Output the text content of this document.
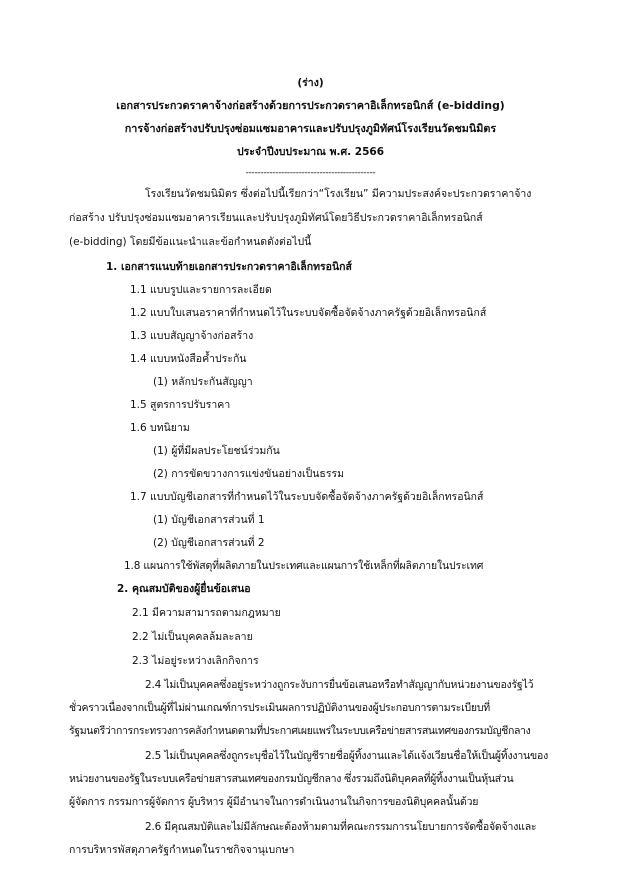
(ร่าง)
เอกสารประกวดราคาจ้างก่อสร้างด้วยการประกวดราคาอิเล็กทรอนิกส์ (e-bidding)
การจ้างก่อสร้างปรับปรุงซ่อมแซมอาคารและปรับปรุงภูมิทัศน์โรงเรียนวัดชมนิมิตร
ประจำปีงบประมาณ พ.ศ. 2566
--------------------------------------------
โรงเรียนวัดชมนิมิตร ซึ่งต่อไปนี้เรียกว่า“โรงเรียน” มีความประสงค์จะประกวดราคาจ้าง
ก่อสร้าง ปรับปรุงซ่อมแซมอาคารเรียนและปรับปรุงภูมิทัศน์โดยวิธีประกวดราคาอิเล็กทรอนิกส์
(e-bidding) โดยมีข้อแนะนำและข้อกำหนดดังต่อไปนี้
1. เอกสารแนบท้ายเอกสารประกวดราคาอิเล็กทรอนิกส์
1.1 แบบรูปและรายการละเอียด
1.2 แบบใบเสนอราคาที่กำหนดไว้ในระบบจัดซื้อจัดจ้างภาครัฐด้วยอิเล็กทรอนิกส์
1.3 แบบสัญญาจ้างก่อสร้าง
1.4 แบบหนังสือค้ำประกัน
(1) หลักประกันสัญญา
1.5 สูตรการปรับราคา
1.6 บทนิยาม
(1) ผู้ที่มีผลประโยชน์ร่วมกัน
(2) การขัดขวางการแข่งขันอย่างเป็นธรรม
1.7 แบบบัญชีเอกสารที่กำหนดไว้ในระบบจัดซื้อจัดจ้างภาครัฐด้วยอิเล็กทรอนิกส์
(1) บัญชีเอกสารส่วนที่ 1
(2) บัญชีเอกสารส่วนที่ 2
1.8 แผนการใช้พัสดุที่ผลิตภายในประเทศและแผนการใช้เหล็กที่ผลิตภายในประเทศ
2. คุณสมบัติของผู้ยื่นข้อเสนอ
2.1 มีความสามารถตามกฎหมาย
2.2 ไม่เป็นบุคคลล้มละลาย
2.3 ไม่อยู่ระหว่างเลิกกิจการ
2.4 ไม่เป็นบุคคลซึ่งอยู่ระหว่างถูกระงับการยื่นข้อเสนอหรือทำสัญญากับหน่วยงานของรัฐไว้
ชั่วคราวเนื่องจากเป็นผู้ที่ไม่ผ่านเกณฑ์การประเมินผลการปฏิบัติงานของผู้ประกอบการตามระเบียบที่
รัฐมนตรีว่าการกระทรวงการคลังกำหนดตามที่ประกาศเผยแพร่ในระบบเครือข่ายสารสนเทศของกรมบัญชีกลาง
2.5 ไม่เป็นบุคคลซึ่งถูกระบุชื่อไว้ในบัญชีรายชื่อผู้ทิ้งงานและได้แจ้งเวียนชื่อให้เป็นผู้ทิ้งงานของ
หน่วยงานของรัฐในระบบเครือข่ายสารสนเทศของกรมบัญชีกลาง ซึ่งรวมถึงนิติบุคคลที่ผู้ทิ้งงานเป็นหุ้นส่วน
ผู้จัดการ กรรมการผู้จัดการ ผู้บริหาร ผู้มีอำนาจในการดำเนินงานในกิจการของนิติบุคคลนั้นด้วย
2.6 มีคุณสมบัติและไม่มีลักษณะต้องห้ามตามที่คณะกรรมการนโยบายการจัดซื้อจัดจ้างและ
การบริหารพัสดุภาครัฐกำหนดในราชกิจจานุเบกษา
